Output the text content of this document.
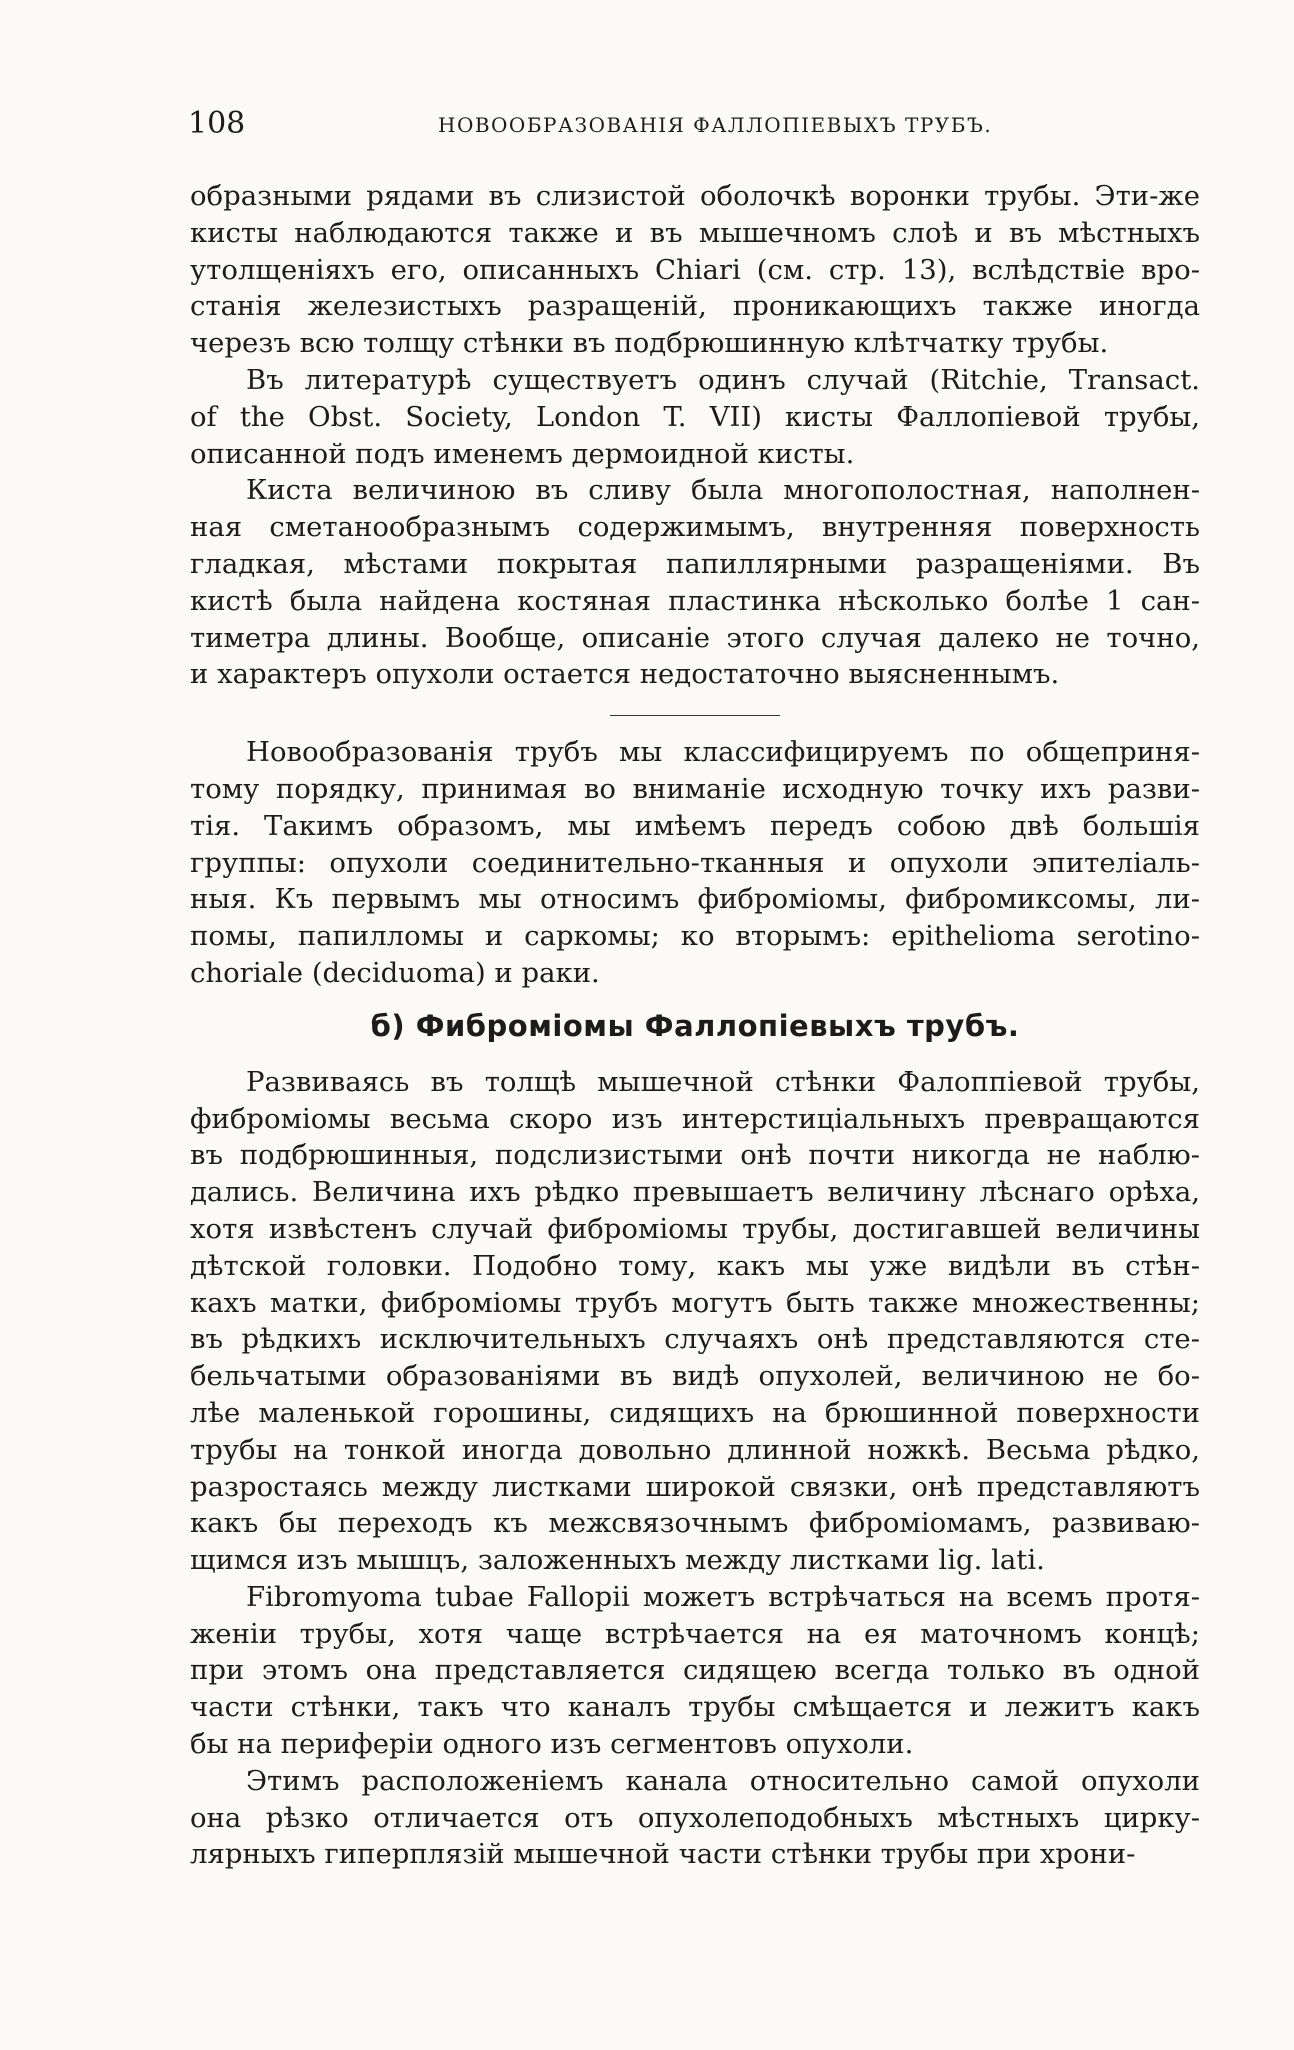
108	НОВООБРАЗОВАНІЯ ФАЛЛОПІЕВЫХЪ ТРУБЪ.
образными рядами въ слизистой оболочкѣ воронки трубы. Эти-же
кисты наблюдаются также и въ мышечномъ слоѣ и въ мѣстныхъ
утолщеніяхъ его, описанныхъ Chiari (см. стр. 13), вслѣдствіе вро-
станія железистыхъ разращеній, проникающихъ также иногда
черезъ всю толщу стѣнки въ подбрюшинную клѣтчатку трубы.
Въ литературѣ существуетъ одинъ случай (Ritchie, Transact.
of the Obst. Society, London T. VII) кисты Фаллопіевой трубы,
описанной подъ именемъ дермоидной кисты.
Киста величиною въ сливу была многополостная, наполнен-
ная сметанообразнымъ содержимымъ, внутренняя поверхность
гладкая, мѣстами покрытая папиллярными разращеніями. Въ
кистѣ была найдена костяная пластинка нѣсколько болѣе 1 сан-
тиметра длины. Вообще, описаніе этого случая далеко не точно,
и характеръ опухоли остается недостаточно выясненнымъ.
Новообразованія трубъ мы классифицируемъ по общеприня-
тому порядку, принимая во вниманіе исходную точку ихъ разви-
тія. Такимъ образомъ, мы имѣемъ передъ собою двѣ большія
группы: опухоли соединительно-тканныя и опухоли эпителіаль-
ныя. Къ первымъ мы относимъ фиброміомы, фибромиксомы, ли-
помы, папилломы и саркомы; ко вторымъ: epithelioma serotino-
chorialе (deciduoma) и раки.
б) Фиброміомы Фаллопіевыхъ трубъ.
Развиваясь въ толщѣ мышечной стѣнки Фалоппіевой трубы,
фиброміомы весьма скоро изъ интерстиціальныхъ превращаются
въ подбрюшинныя, подслизистыми онѣ почти никогда не наблю-
дались. Величина ихъ рѣдко превышаетъ величину лѣснаго орѣха,
хотя извѣстенъ случай фиброміомы трубы, достигавшей величины
дѣтской головки. Подобно тому, какъ мы уже видѣли въ стѣн-
кахъ матки, фиброміомы трубъ могутъ быть также множественны;
въ рѣдкихъ исключительныхъ случаяхъ онѣ представляются сте-
бельчатыми образованіями въ видѣ опухолей, величиною не бо-
лѣе маленькой горошины, сидящихъ на брюшинной поверхности
трубы на тонкой иногда довольно длинной ножкѣ. Весьма рѣдко,
разростаясь между листками широкой связки, онѣ представляютъ
какъ бы переходъ къ межсвязочнымъ фиброміомамъ, развиваю-
щимся изъ мышцъ, заложенныхъ между листками lig. lati.
Fibromyoma tubae Fallopii можетъ встрѣчаться на всемъ протя-
женіи трубы, хотя чаще встрѣчается на ея маточномъ концѣ;
при этомъ она представляется сидящею всегда только въ одной
части стѣнки, такъ что каналъ трубы смѣщается и лежитъ какъ
бы на периферіи одного изъ сегментовъ опухоли.
Этимъ расположеніемъ канала относительно самой опухоли
она рѣзко отличается отъ опухолеподобныхъ мѣстныхъ цирку-
лярныхъ гиперплязій мышечной части стѣнки трубы при хрони-
